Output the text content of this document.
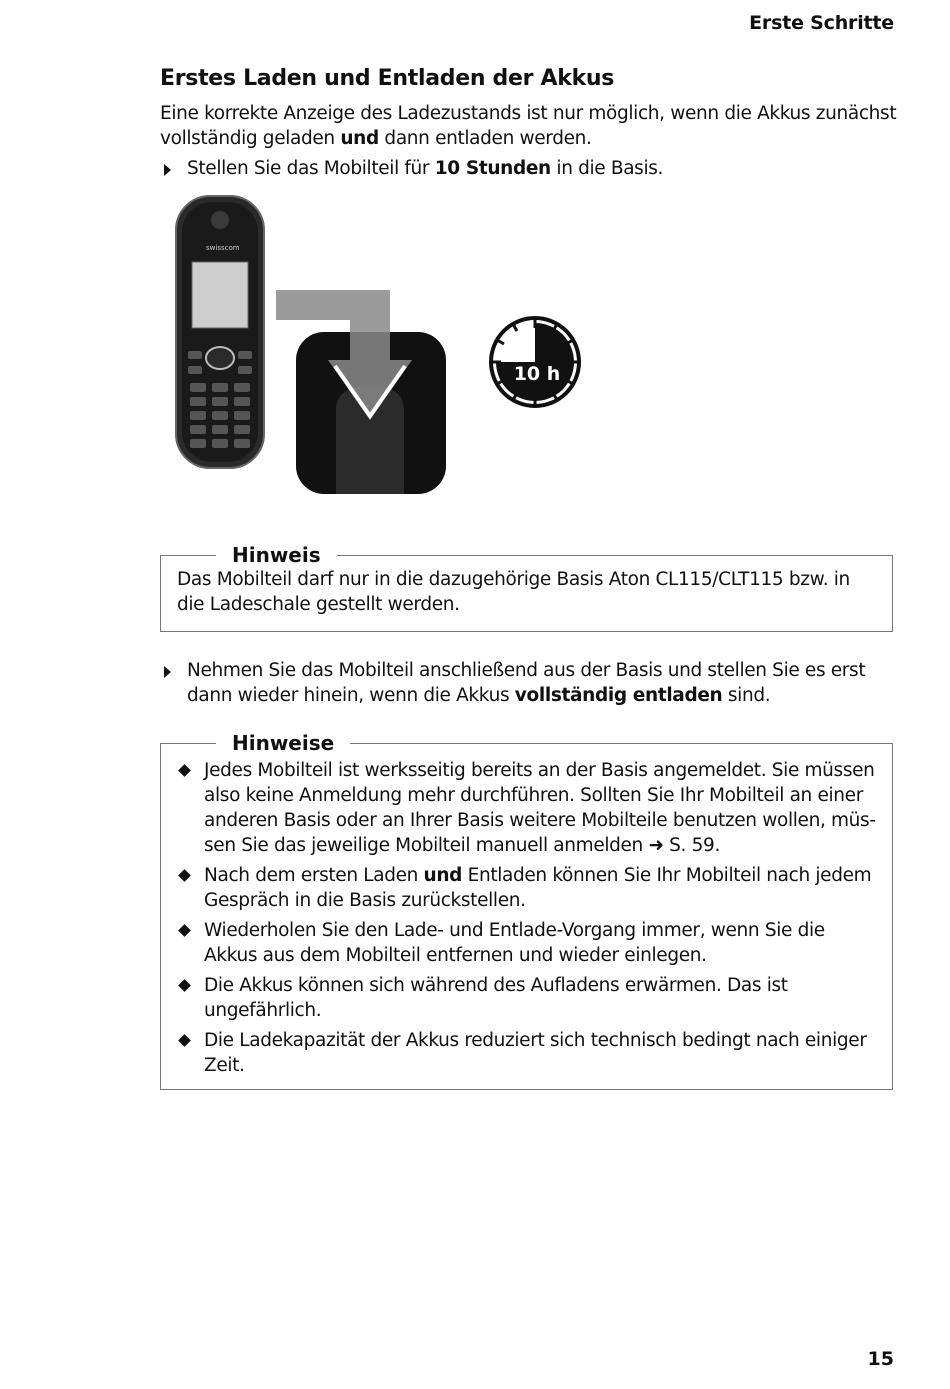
Erste Schritte
Erstes Laden und Entladen der Akkus
Eine korrekte Anzeige des Ladezustands ist nur möglich, wenn die Akkus zunächst vollständig geladen und dann entladen werden.
Stellen Sie das Mobilteil für 10 Stunden in die Basis.
swisscom
10 h
Hinweis
Das Mobilteil darf nur in die dazugehörige Basis Aton CL115/CLT115 bzw. in die Ladeschale gestellt werden.
Nehmen Sie das Mobilteil anschließend aus der Basis und stellen Sie es erst dann wieder hinein, wenn die Akkus vollständig entladen sind.
Hinweise
Jedes Mobilteil ist werksseitig bereits an der Basis angemeldet. Sie müssen also keine Anmeldung mehr durchführen. Sollten Sie Ihr Mobilteil an einer anderen Basis oder an Ihrer Basis weitere Mobilteile benutzen wollen, müssen Sie das jeweilige Mobilteil manuell anmelden ➜ S. 59.
Nach dem ersten Laden und Entladen können Sie Ihr Mobilteil nach jedem Gespräch in die Basis zurückstellen.
Wiederholen Sie den Lade- und Entlade-Vorgang immer, wenn Sie die Akkus aus dem Mobilteil entfernen und wieder einlegen.
Die Akkus können sich während des Aufladens erwärmen. Das ist ungefährlich.
Die Ladekapazität der Akkus reduziert sich technisch bedingt nach einiger Zeit.
15
